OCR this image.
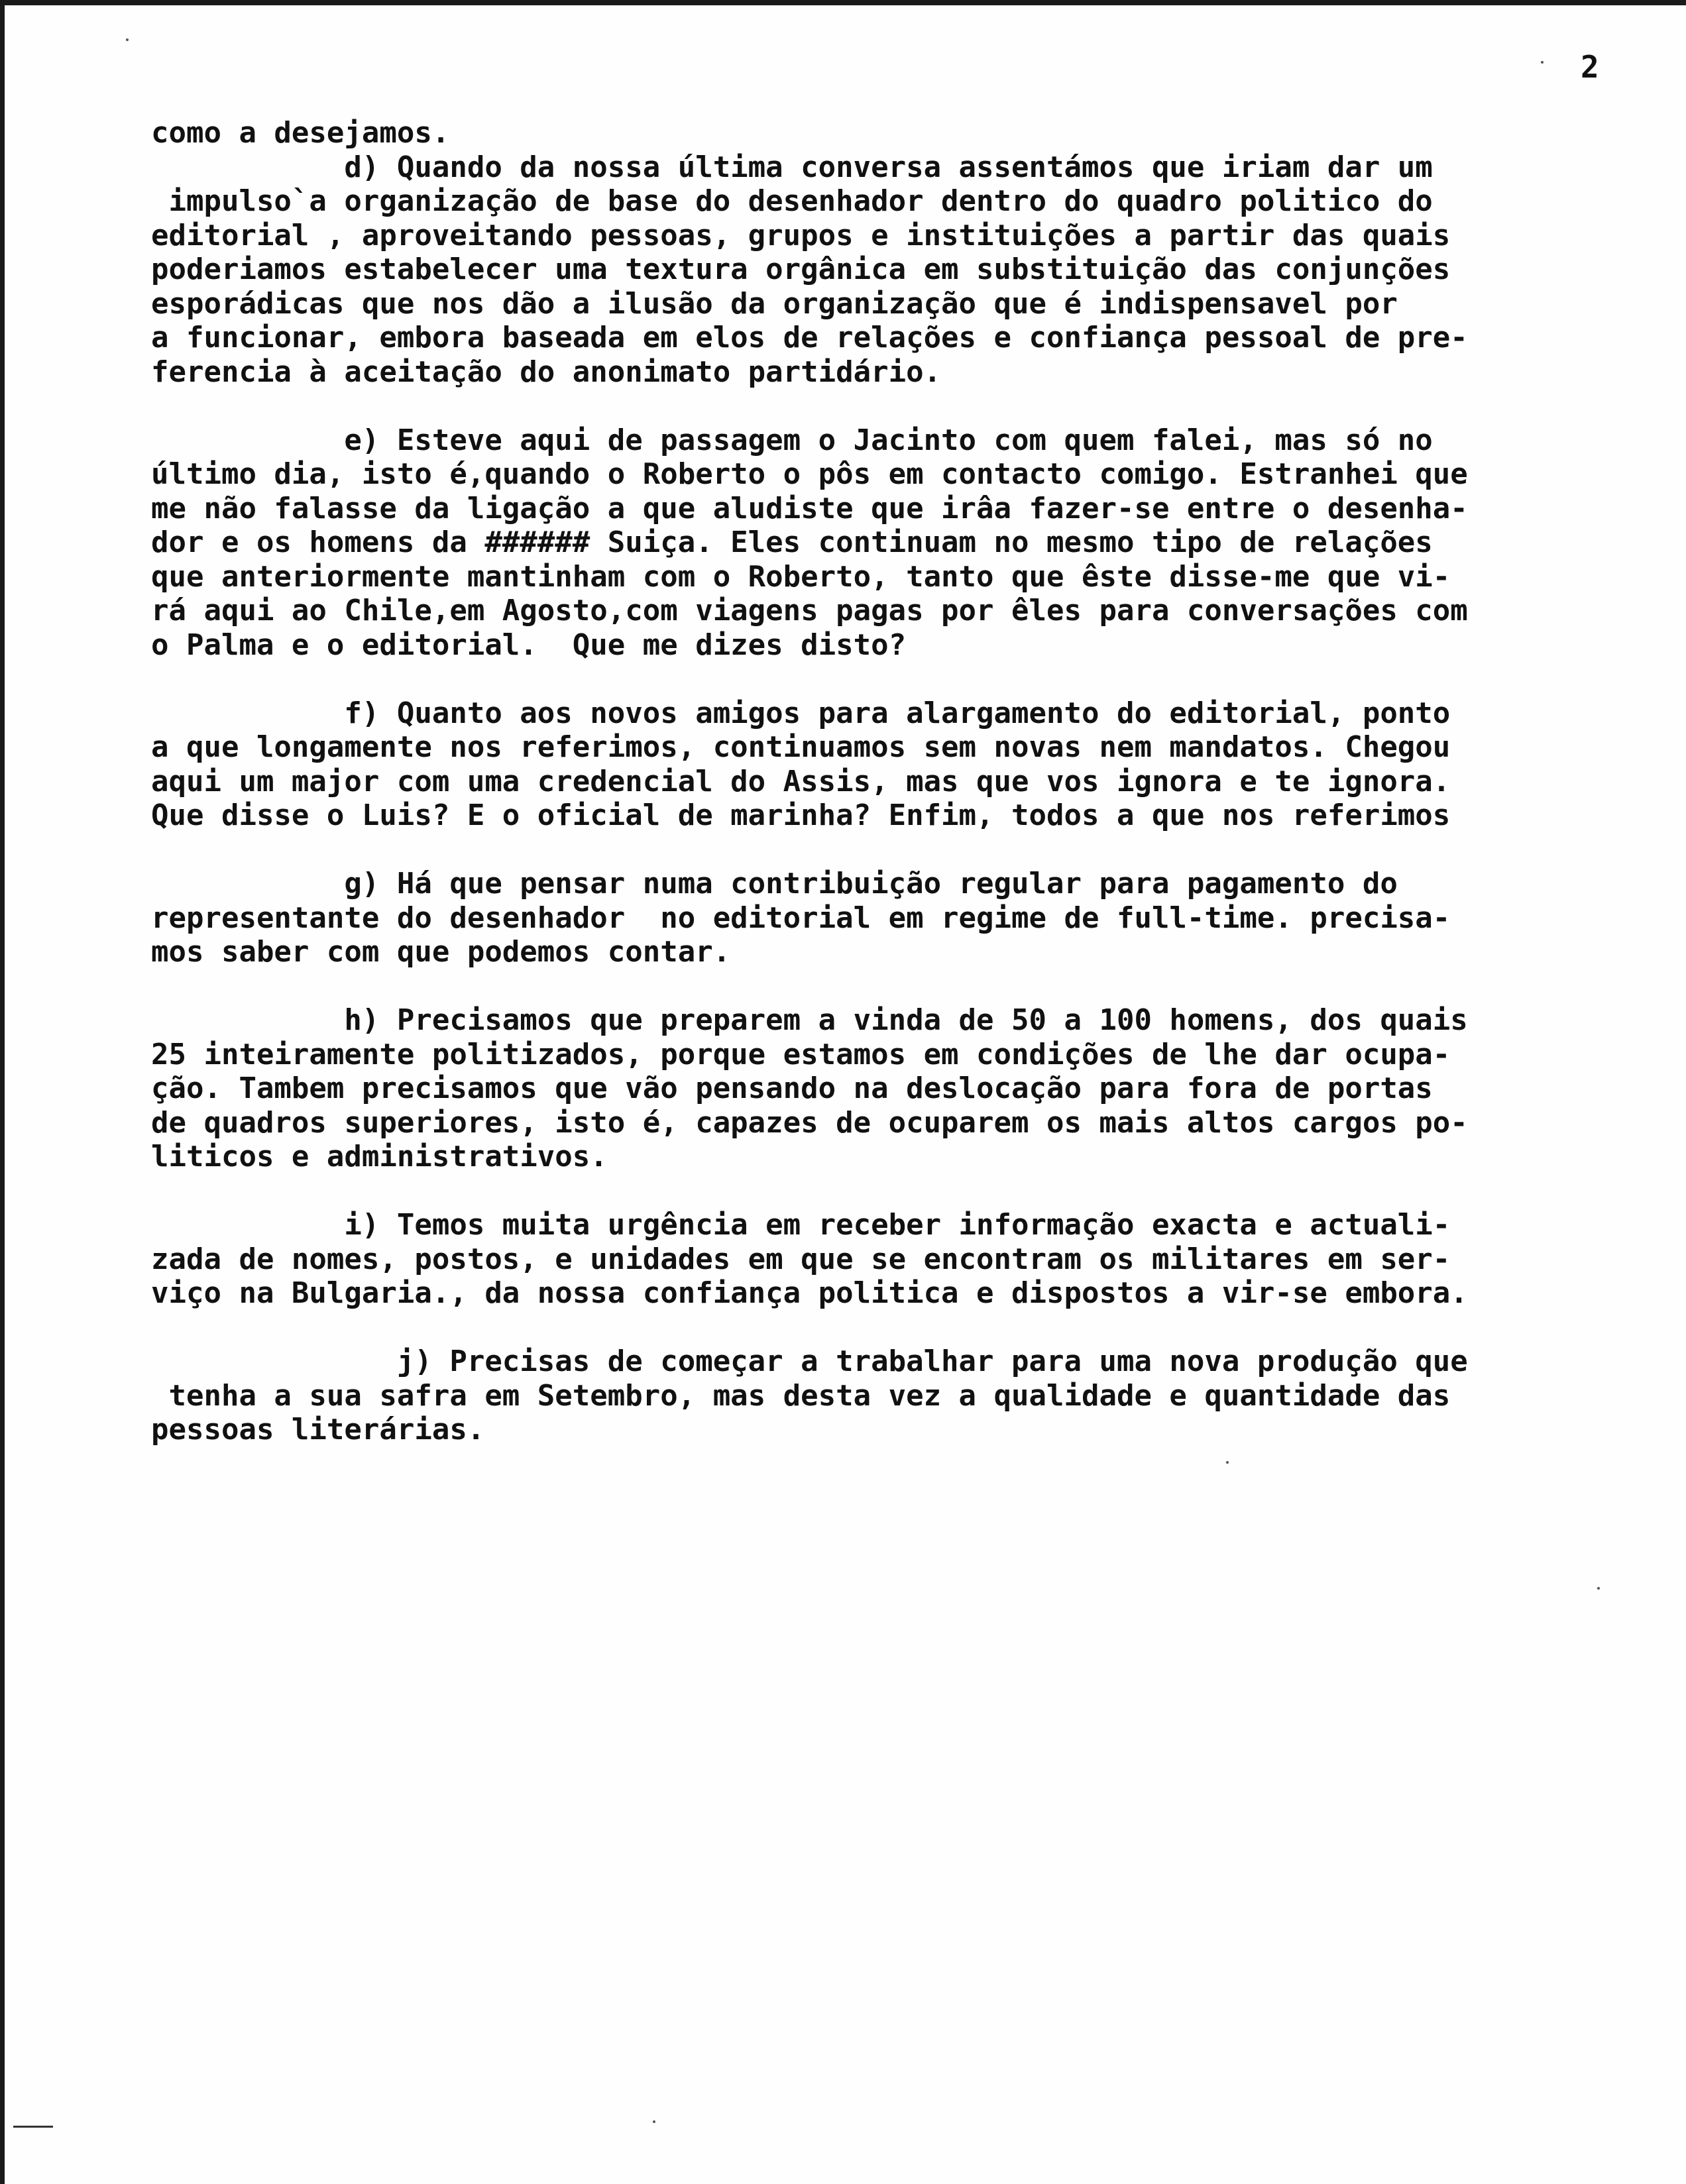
2
como a desejamos.
d) Quando da nossa última conversa assentámos que iriam dar um
impulso`a organização de base do desenhador dentro do quadro politico do
editorial , aproveitando pessoas, grupos e instituições a partir das quais
poderiamos estabelecer uma textura orgânica em substituição das conjunções
esporádicas que nos dão a ilusão da organização que é indispensavel por
a funcionar, embora baseada em elos de relações e confiança pessoal de pre-
ferencia à aceitação do anonimato partidário.
e) Esteve aqui de passagem o Jacinto com quem falei, mas só no
último dia, isto é,quando o Roberto o pôs em contacto comigo. Estranhei que
me não falasse da ligação a que aludiste que irâa fazer-se entre o desenha-
dor e os homens da ###### Suiça. Eles continuam no mesmo tipo de relações
que anteriormente mantinham com o Roberto, tanto que êste disse-me que vi-
rá aqui ao Chile,em Agosto,com viagens pagas por êles para conversações com
o Palma e o editorial.  Que me dizes disto?
f) Quanto aos novos amigos para alargamento do editorial, ponto
a que longamente nos referimos, continuamos sem novas nem mandatos. Chegou
aqui um major com uma credencial do Assis, mas que vos ignora e te ignora.
Que disse o Luis? E o oficial de marinha? Enfim, todos a que nos referimos
g) Há que pensar numa contribuição regular para pagamento do
representante do desenhador  no editorial em regime de full-time. precisa-
mos saber com que podemos contar.
h) Precisamos que preparem a vinda de 50 a 100 homens, dos quais
25 inteiramente politizados, porque estamos em condições de lhe dar ocupa-
ção. Tambem precisamos que vão pensando na deslocação para fora de portas
de quadros superiores, isto é, capazes de ocuparem os mais altos cargos po-
liticos e administrativos.
i) Temos muita urgência em receber informação exacta e actuali-
zada de nomes, postos, e unidades em que se encontram os militares em ser-
viço na Bulgaria., da nossa confiança politica e dispostos a vir-se embora.
j) Precisas de começar a trabalhar para uma nova produção que
tenha a sua safra em Setembro, mas desta vez a qualidade e quantidade das
pessoas literárias.
